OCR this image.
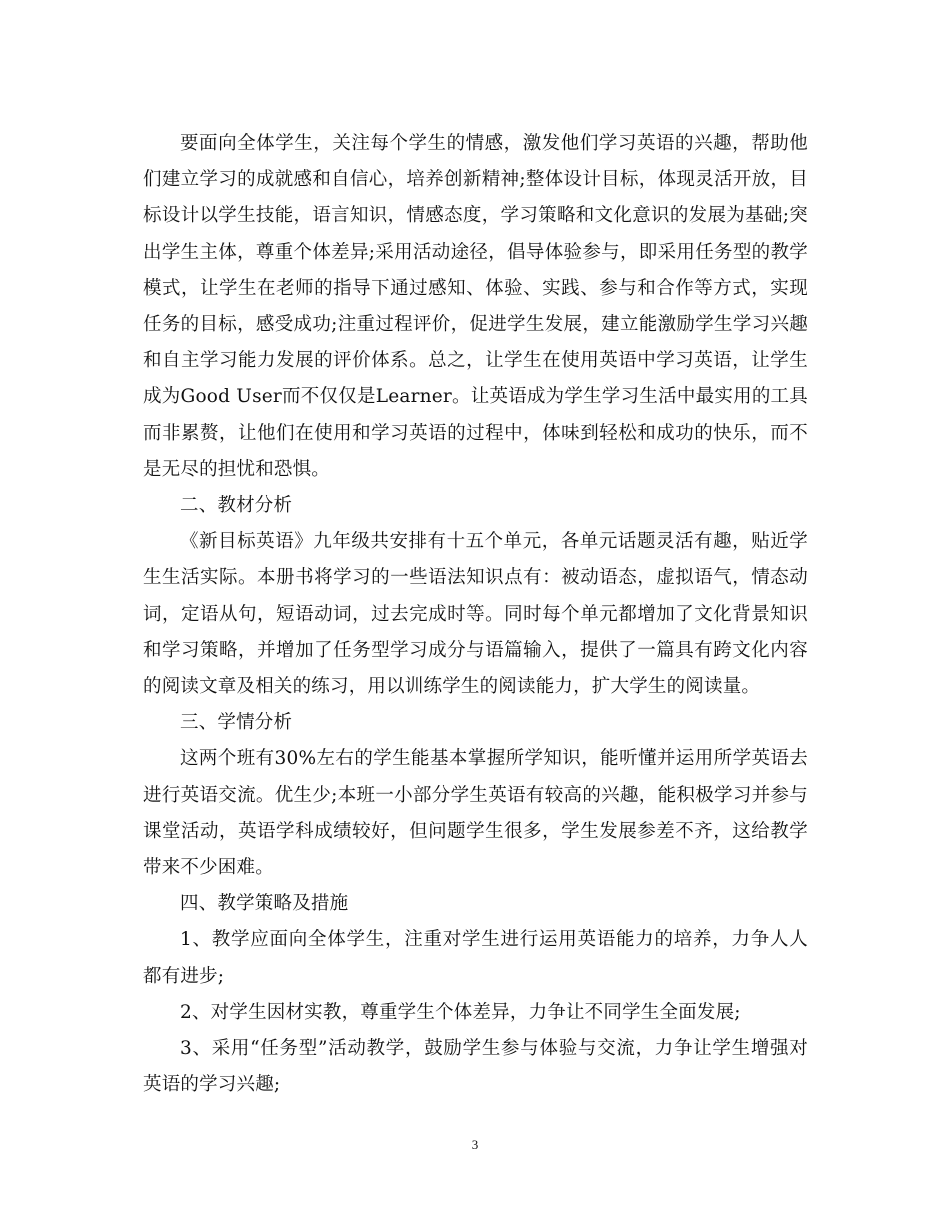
要面向全体学生，关注每个学生的情感，激发他们学习英语的兴趣，帮助他们建立学习的成就感和自信心，培养创新精神;整体设计目标，体现灵活开放，目标设计以学生技能，语言知识，情感态度，学习策略和文化意识的发展为基础;突出学生主体，尊重个体差异;采用活动途径，倡导体验参与，即采用任务型的教学模式，让学生在老师的指导下通过感知、体验、实践、参与和合作等方式，实现任务的目标，感受成功;注重过程评价，促进学生发展，建立能激励学生学习兴趣和自主学习能力发展的评价体系。总之，让学生在使用英语中学习英语，让学生成为Good User而不仅仅是Learner。让英语成为学生学习生活中最实用的工具而非累赘，让他们在使用和学习英语的过程中，体味到轻松和成功的快乐，而不是无尽的担忧和恐惧。

二、教材分析

《新目标英语》九年级共安排有十五个单元，各单元话题灵活有趣，贴近学生生活实际。本册书将学习的一些语法知识点有：被动语态，虚拟语气，情态动词，定语从句，短语动词，过去完成时等。同时每个单元都增加了文化背景知识和学习策略，并增加了任务型学习成分与语篇输入，提供了一篇具有跨文化内容的阅读文章及相关的练习，用以训练学生的阅读能力，扩大学生的阅读量。

三、学情分析

这两个班有30%左右的学生能基本掌握所学知识，能听懂并运用所学英语去进行英语交流。优生少;本班一小部分学生英语有较高的兴趣，能积极学习并参与课堂活动，英语学科成绩较好，但问题学生很多，学生发展参差不齐，这给教学带来不少困难。

四、教学策略及措施

1、教学应面向全体学生，注重对学生进行运用英语能力的培养，力争人人都有进步;

2、对学生因材实教，尊重学生个体差异，力争让不同学生全面发展;

3、采用“任务型”活动教学，鼓励学生参与体验与交流，力争让学生增强对英语的学习兴趣;

3
